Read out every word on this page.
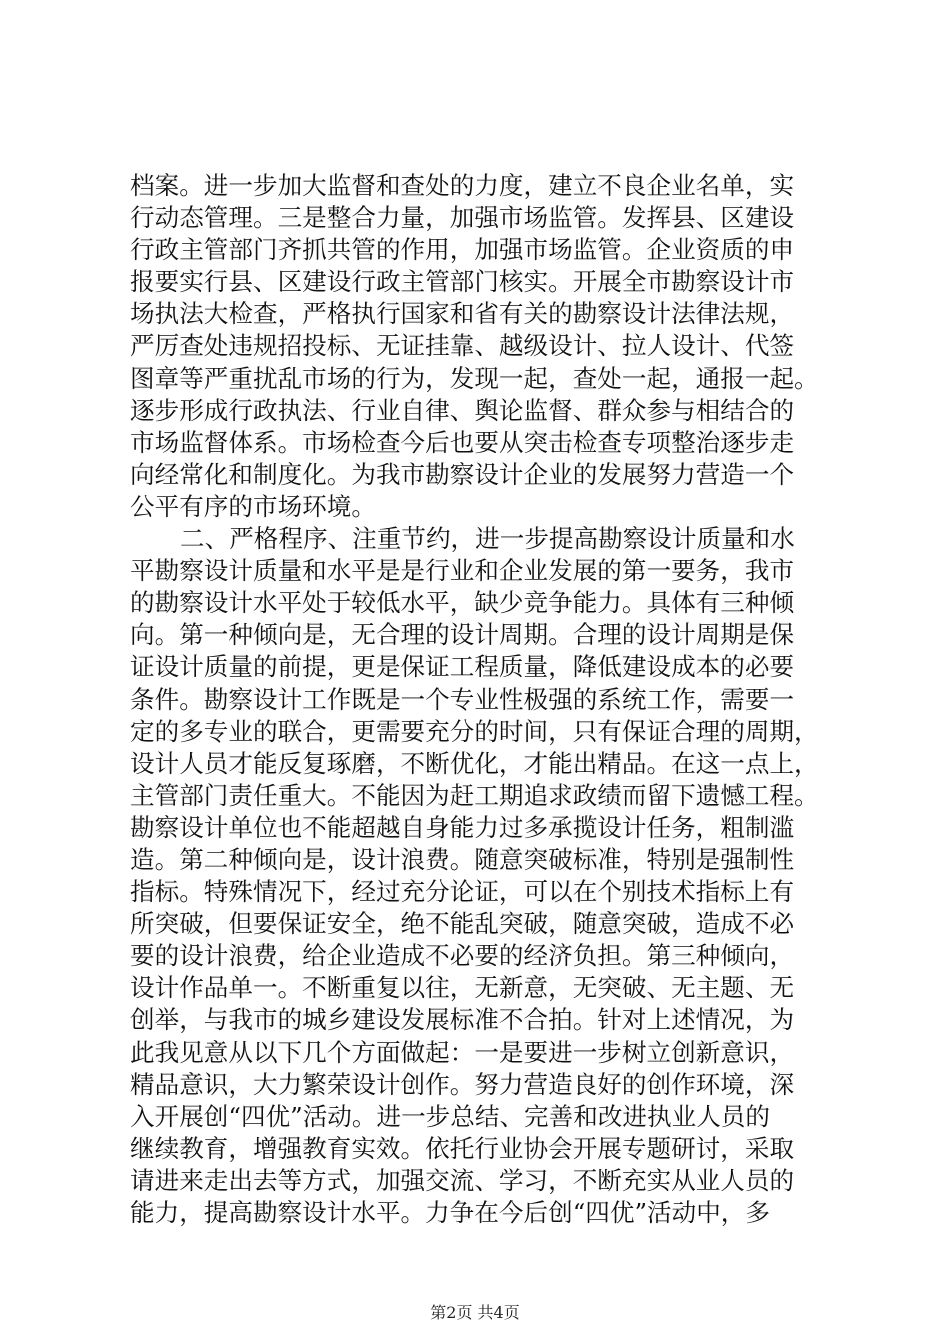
档案。进一步加大监督和查处的力度，建立不良企业名单，实
行动态管理。三是整合力量，加强市场监管。发挥县、区建设
行政主管部门齐抓共管的作用，加强市场监管。企业资质的申
报要实行县、区建设行政主管部门核实。开展全市勘察设计市
场执法大检查，严格执行国家和省有关的勘察设计法律法规，
严厉查处违规招投标、无证挂靠、越级设计、拉人设计、代签
图章等严重扰乱市场的行为，发现一起，查处一起，通报一起。
逐步形成行政执法、行业自律、舆论监督、群众参与相结合的
市场监督体系。市场检查今后也要从突击检查专项整治逐步走
向经常化和制度化。为我市勘察设计企业的发展努力营造一个
公平有序的市场环境。
二、严格程序、注重节约，进一步提高勘察设计质量和水
平勘察设计质量和水平是是行业和企业发展的第一要务，我市
的勘察设计水平处于较低水平，缺少竞争能力。具体有三种倾
向。第一种倾向是，无合理的设计周期。合理的设计周期是保
证设计质量的前提，更是保证工程质量，降低建设成本的必要
条件。勘察设计工作既是一个专业性极强的系统工作，需要一
定的多专业的联合，更需要充分的时间，只有保证合理的周期，
设计人员才能反复琢磨，不断优化，才能出精品。在这一点上，
主管部门责任重大。不能因为赶工期追求政绩而留下遗憾工程。
勘察设计单位也不能超越自身能力过多承揽设计任务，粗制滥
造。第二种倾向是，设计浪费。随意突破标准，特别是强制性
指标。特殊情况下，经过充分论证，可以在个别技术指标上有
所突破，但要保证安全，绝不能乱突破，随意突破，造成不必
要的设计浪费，给企业造成不必要的经济负担。第三种倾向，
设计作品单一。不断重复以往，无新意，无突破、无主题、无
创举，与我市的城乡建设发展标准不合拍。针对上述情况，为
此我见意从以下几个方面做起：一是要进一步树立创新意识，
精品意识，大力繁荣设计创作。努力营造良好的创作环境，深
入开展创“四优”活动。进一步总结、完善和改进执业人员的
继续教育，增强教育实效。依托行业协会开展专题研讨，采取
请进来走出去等方式，加强交流、学习，不断充实从业人员的
能力，提高勘察设计水平。力争在今后创“四优”活动中，多
第2页 共4页
